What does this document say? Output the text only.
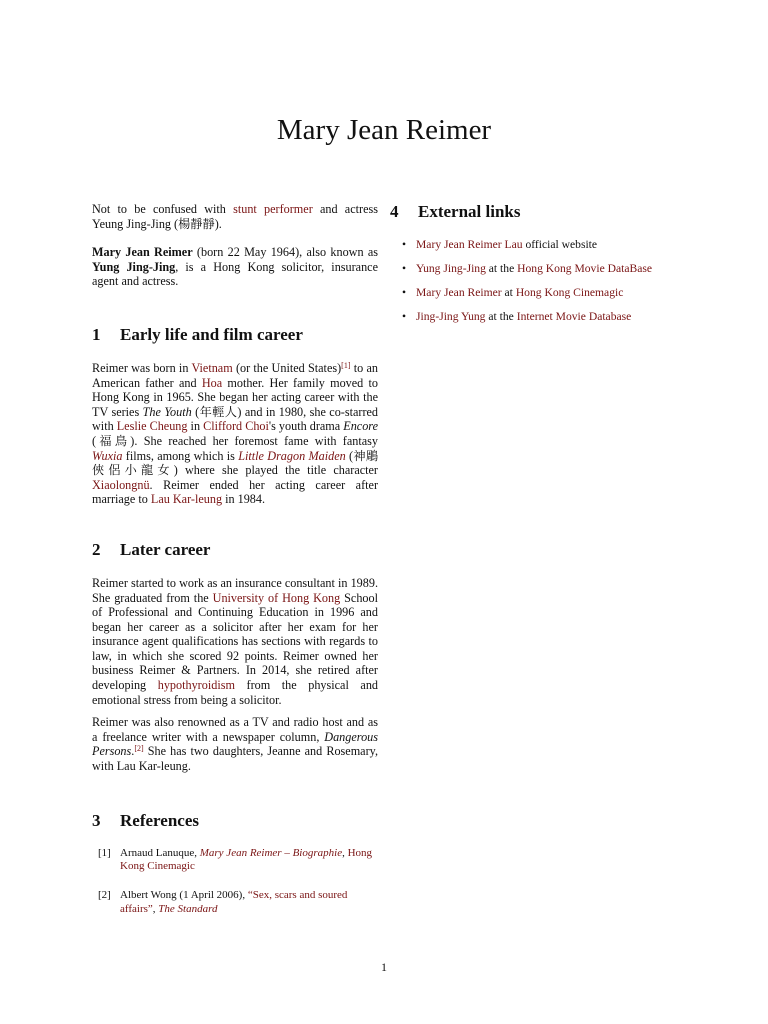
Mary Jean Reimer

Not to be confused with stunt performer and actress Yeung Jing-Jing (楊靜靜).

Mary Jean Reimer (born 22 May 1964), also known as Yung Jing-Jing, is a Hong Kong solicitor, insurance agent and actress.

1 Early life and film career

Reimer was born in Vietnam (or the United States)[1] to an American father and Hoa mother. Her family moved to Hong Kong in 1965. She began her acting career with the TV series The Youth (年輕人) and in 1980, she co-starred with Leslie Cheung in Clifford Choi's youth drama Encore (福鳥). She reached her foremost fame with fantasy Wuxia films, among which is Little Dragon Maiden (神鵰俠侶小龍女) where she played the title character Xiaolongnü. Reimer ended her acting career after marriage to Lau Kar-leung in 1984.

2 Later career

Reimer started to work as an insurance consultant in 1989. She graduated from the University of Hong Kong School of Professional and Continuing Education in 1996 and began her career as a solicitor after her exam for her insurance agent qualifications has sections with regards to law, in which she scored 92 points. Reimer owned her business Reimer & Partners. In 2014, she retired after developing hypothyroidism from the physical and emotional stress from being a solicitor.

Reimer was also renowned as a TV and radio host and as a freelance writer with a newspaper column, Dangerous Persons.[2] She has two daughters, Jeanne and Rosemary, with Lau Kar-leung.

3 References
[1] Arnaud Lanuque, Mary Jean Reimer – Biographie, Hong Kong Cinemagic
[2] Albert Wong (1 April 2006), “Sex, scars and soured affairs”, The Standard
4 External links
• Mary Jean Reimer Lau official website
• Yung Jing-Jing at the Hong Kong Movie DataBase
• Mary Jean Reimer at Hong Kong Cinemagic
• Jing-Jing Yung at the Internet Movie Database
1
